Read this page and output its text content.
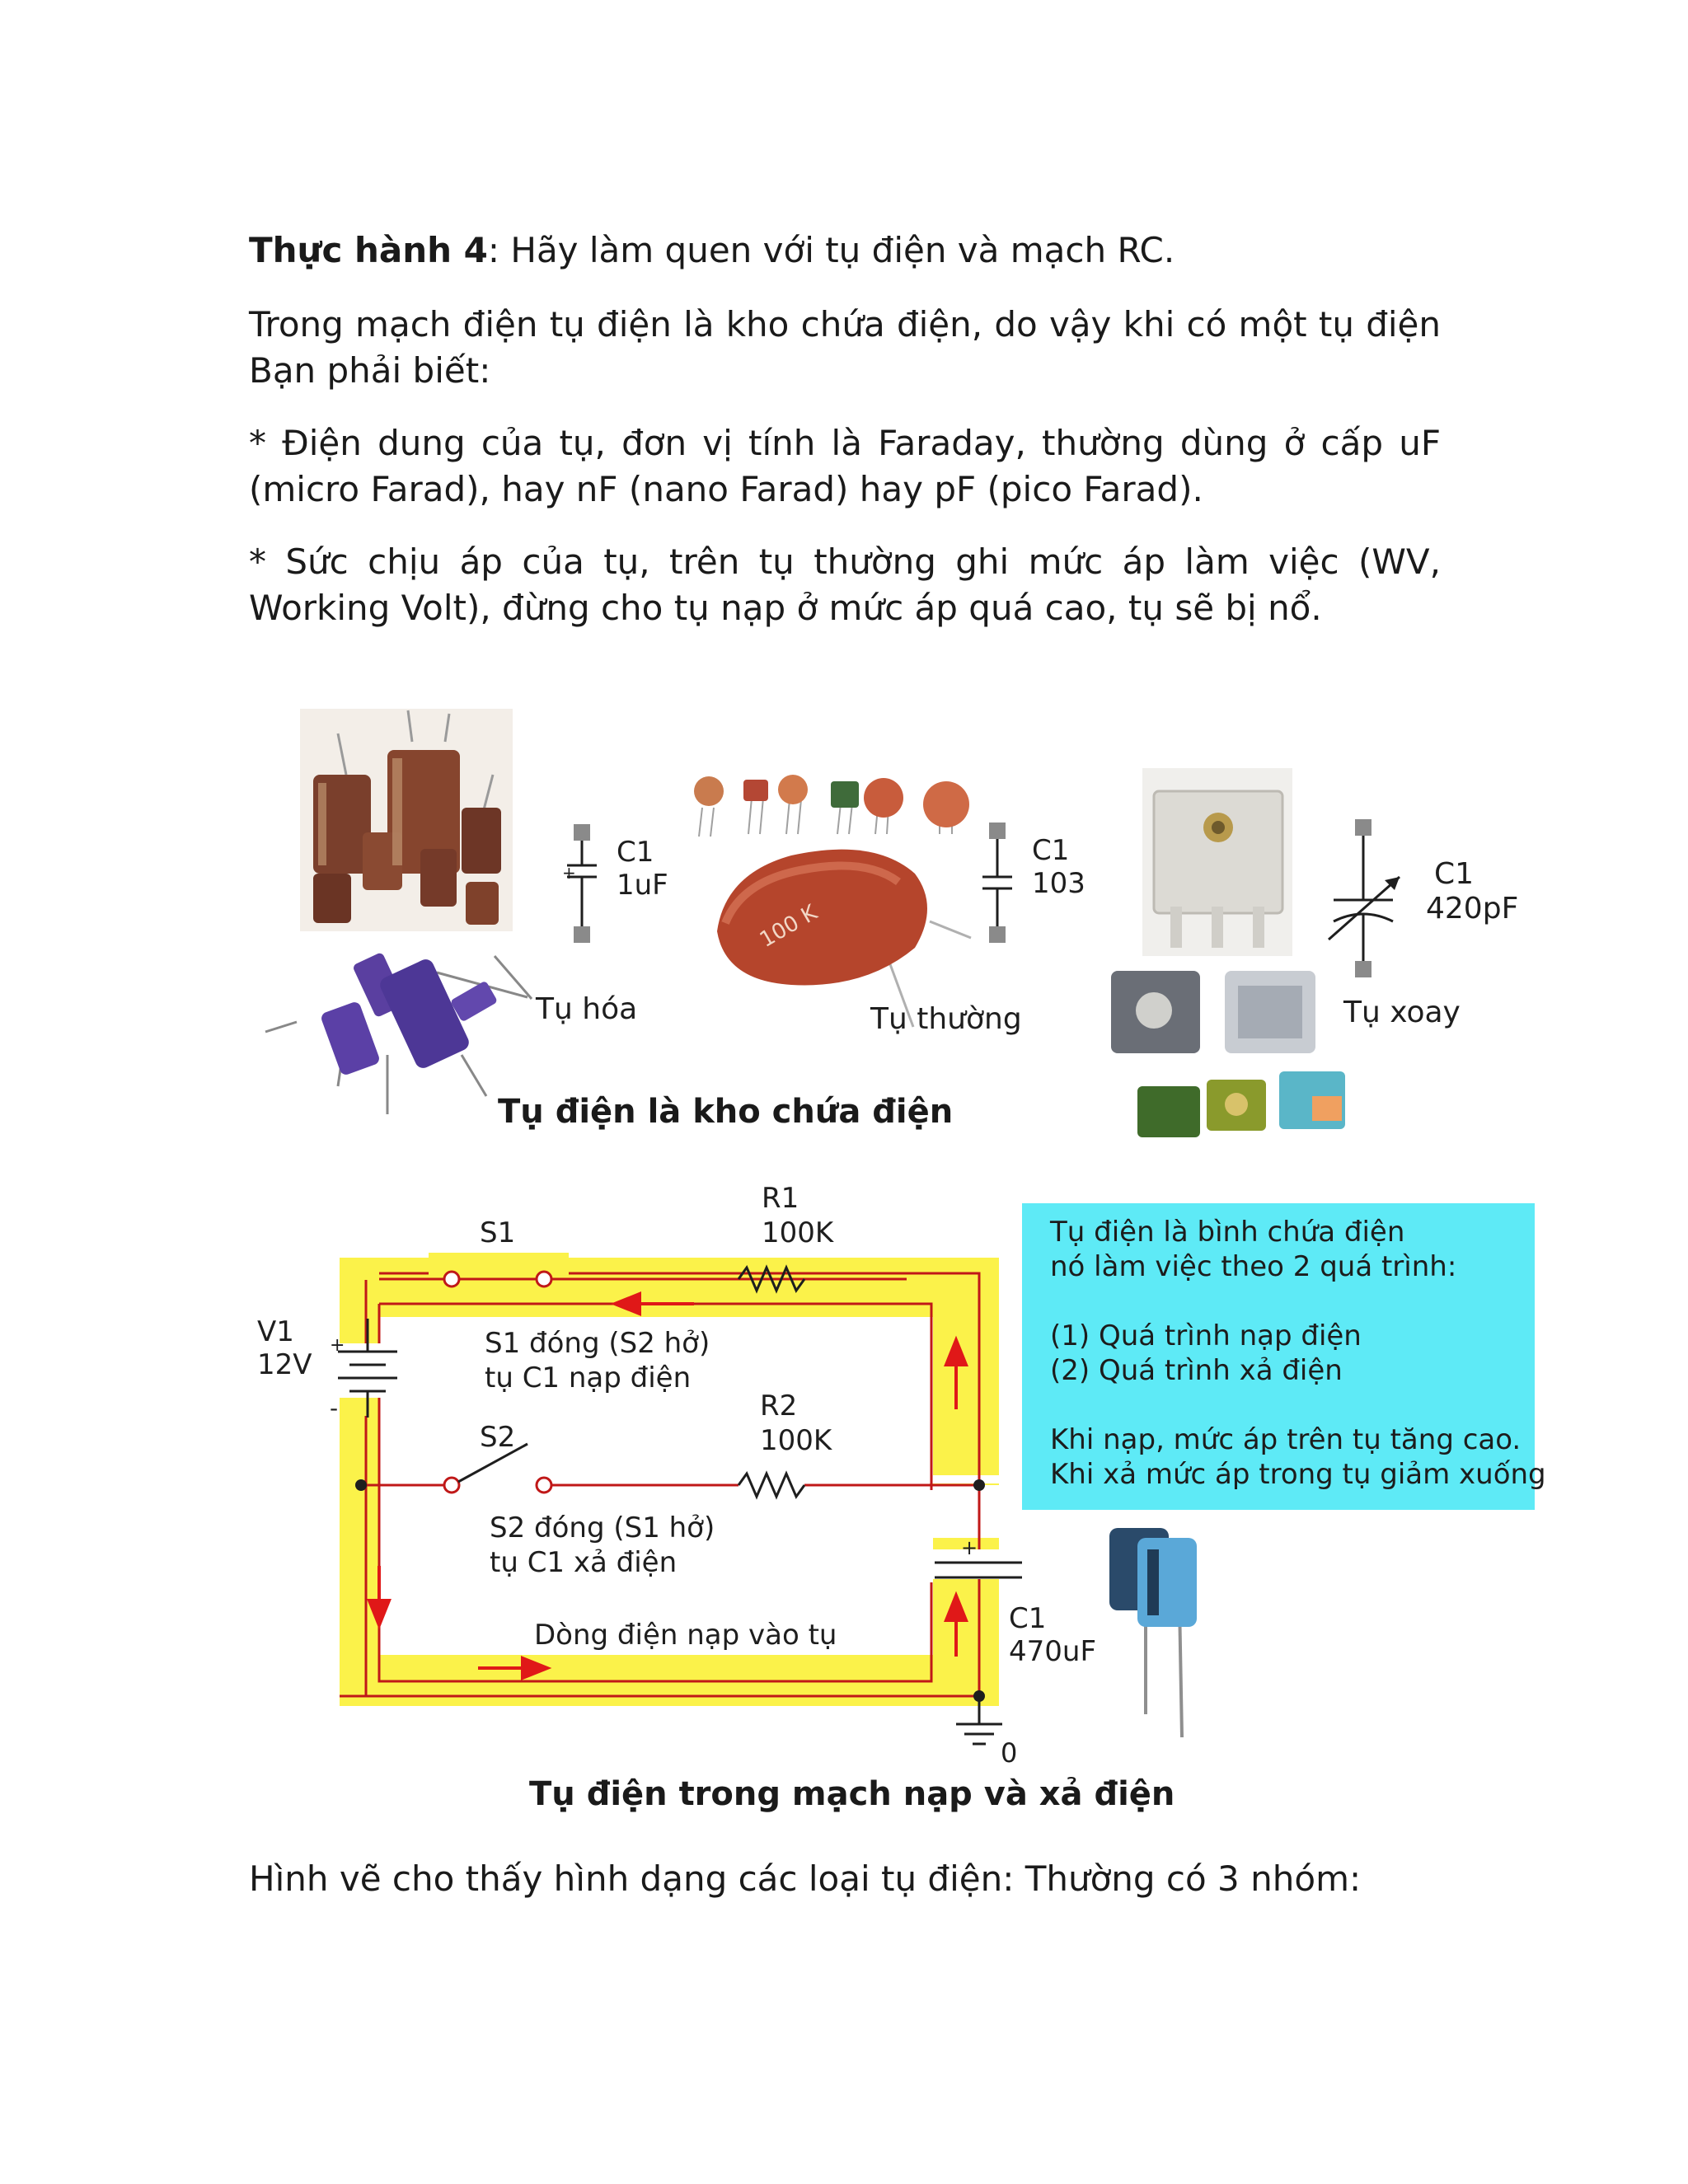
Thực hành 4: Hãy làm quen với tụ điện và mạch RC.

Trong mạch điện tụ điện là kho chứa điện, do vậy khi có một tụ điện Bạn phải biết:

* Điện dung của tụ, đơn vị tính là Faraday, thường dùng ở cấp uF (micro Farad), hay nF (nano Farad) hay pF (pico Farad).

* Sức chịu áp của tụ, trên tụ thường ghi mức áp làm việc (WV, Working Volt), đừng cho tụ nạp ở mức áp quá cao, tụ sẽ bị nổ.

+
100 K
C1
1uF
Tụ hóa
C1
103
Tụ thường
C1
420pF
Tụ xoay
Tụ điện là kho chứa điện
R1
100K
S1
V1
12V
+
-
S1 đóng (S2 hở)
tụ C1 nạp điện
R2
100K
S2
S2 đóng (S1 hở)
tụ C1 xả điện
Dòng điện nạp vào tụ
+
C1
470uF
0
Tụ điện là bình chứa điện
nó làm việc theo 2 quá trình:
(1) Quá trình nạp điện
(2) Quá trình xả điện
Khi nạp, mức áp trên tụ tăng cao.
Khi xả mức áp trong tụ giảm xuống
Tụ điện trong mạch nạp và xả điện

Hình vẽ cho thấy hình dạng các loại tụ điện: Thường có 3 nhóm:
